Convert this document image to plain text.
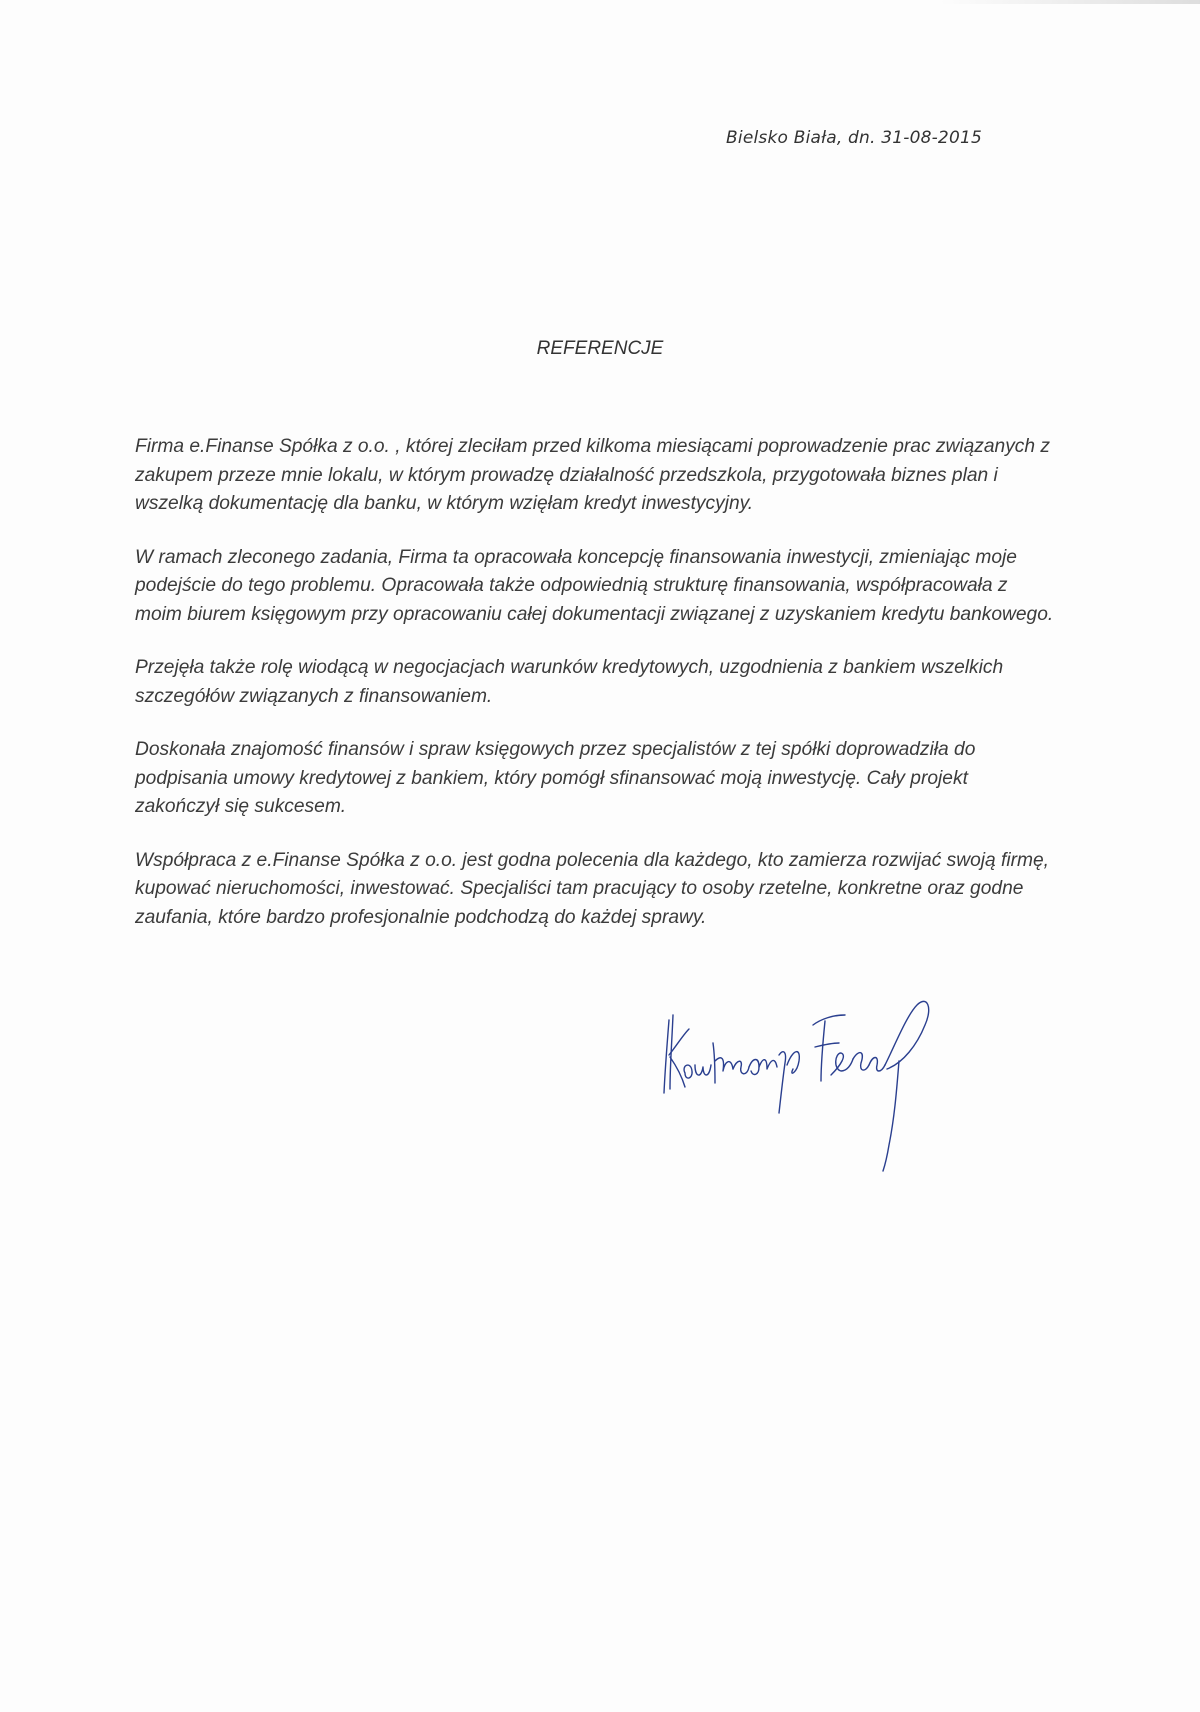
Bielsko Biała, dn. 31-08-2015
REFERENCJE

Firma e.Finanse Spółka z o.o. , której zleciłam przed kilkoma miesiącami poprowadzenie prac związanych z zakupem przeze mnie lokalu, w którym prowadzę działalność przedszkola, przygotowała biznes plan i wszelką dokumentację dla banku, w którym wzięłam kredyt inwestycyjny.

W ramach zleconego zadania, Firma ta opracowała koncepcję finansowania inwestycji, zmieniając moje podejście do tego problemu. Opracowała także odpowiednią strukturę finansowania, współpracowała z moim biurem księgowym przy opracowaniu całej dokumentacji związanej z uzyskaniem kredytu bankowego.

Przejęła także rolę wiodącą w negocjacjach warunków kredytowych, uzgodnienia z bankiem wszelkich szczegółów związanych z finansowaniem.

Doskonała znajomość finansów i spraw księgowych przez specjalistów z tej spółki doprowadziła do podpisania umowy kredytowej z bankiem, który pomógł sfinansować moją inwestycję. Cały projekt zakończył się sukcesem.

Współpraca z e.Finanse Spółka z o.o. jest godna polecenia dla każdego, kto zamierza rozwijać swoją firmę, kupować nieruchomości, inwestować. Specjaliści tam pracujący to osoby rzetelne, konkretne oraz godne zaufania, które bardzo profesjonalnie podchodzą do każdej sprawy.
